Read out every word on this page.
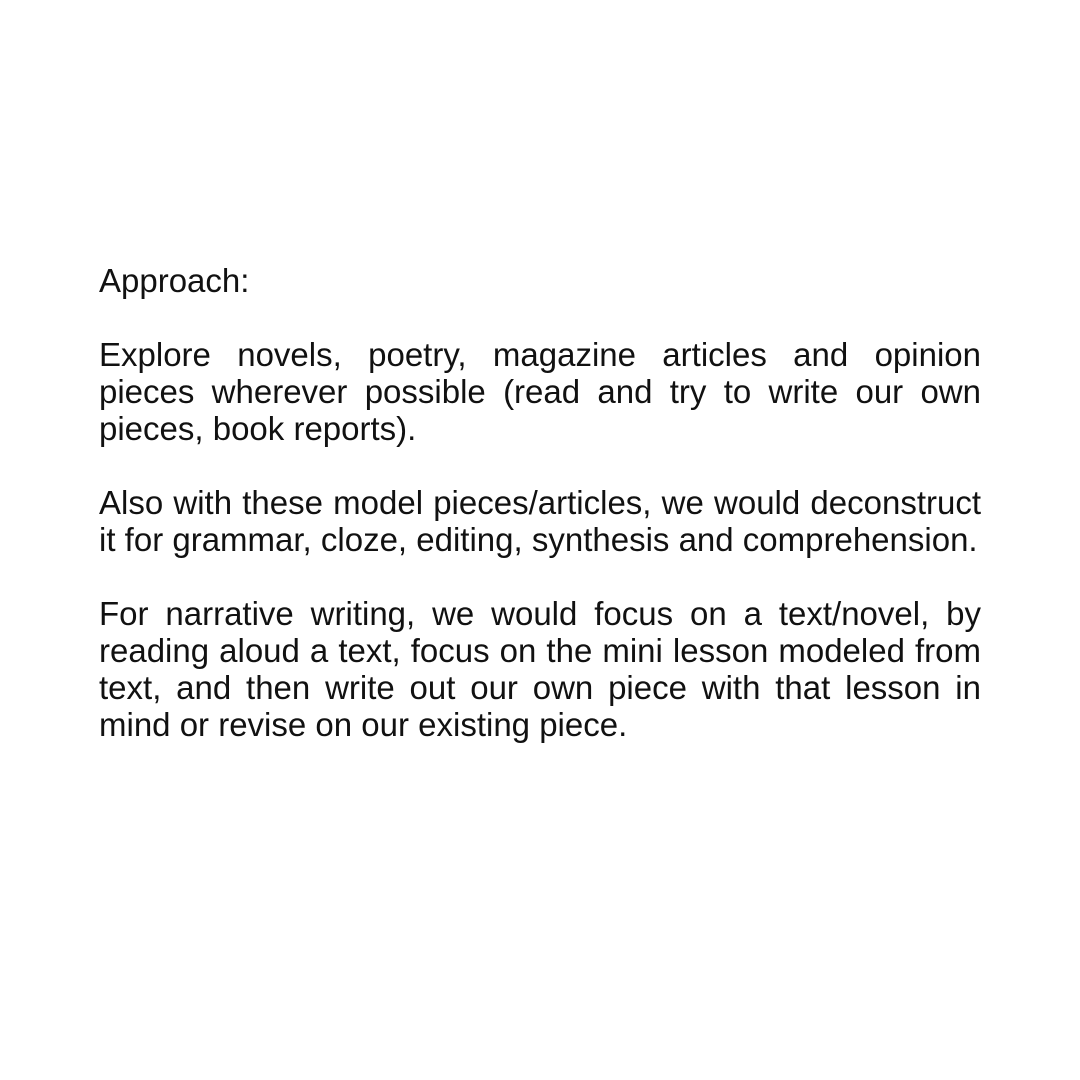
Approach:

Explore novels, poetry, magazine articles and opinion pieces wherever possible (read and try to write our own pieces, book reports).

Also with these model pieces/articles, we would deconstruct it for grammar, cloze, editing, synthesis and comprehension.

For narrative writing, we would focus on a text/novel, by reading aloud a text, focus on the mini lesson modeled from text, and then write out our own piece with that lesson in mind or revise on our existing piece.
